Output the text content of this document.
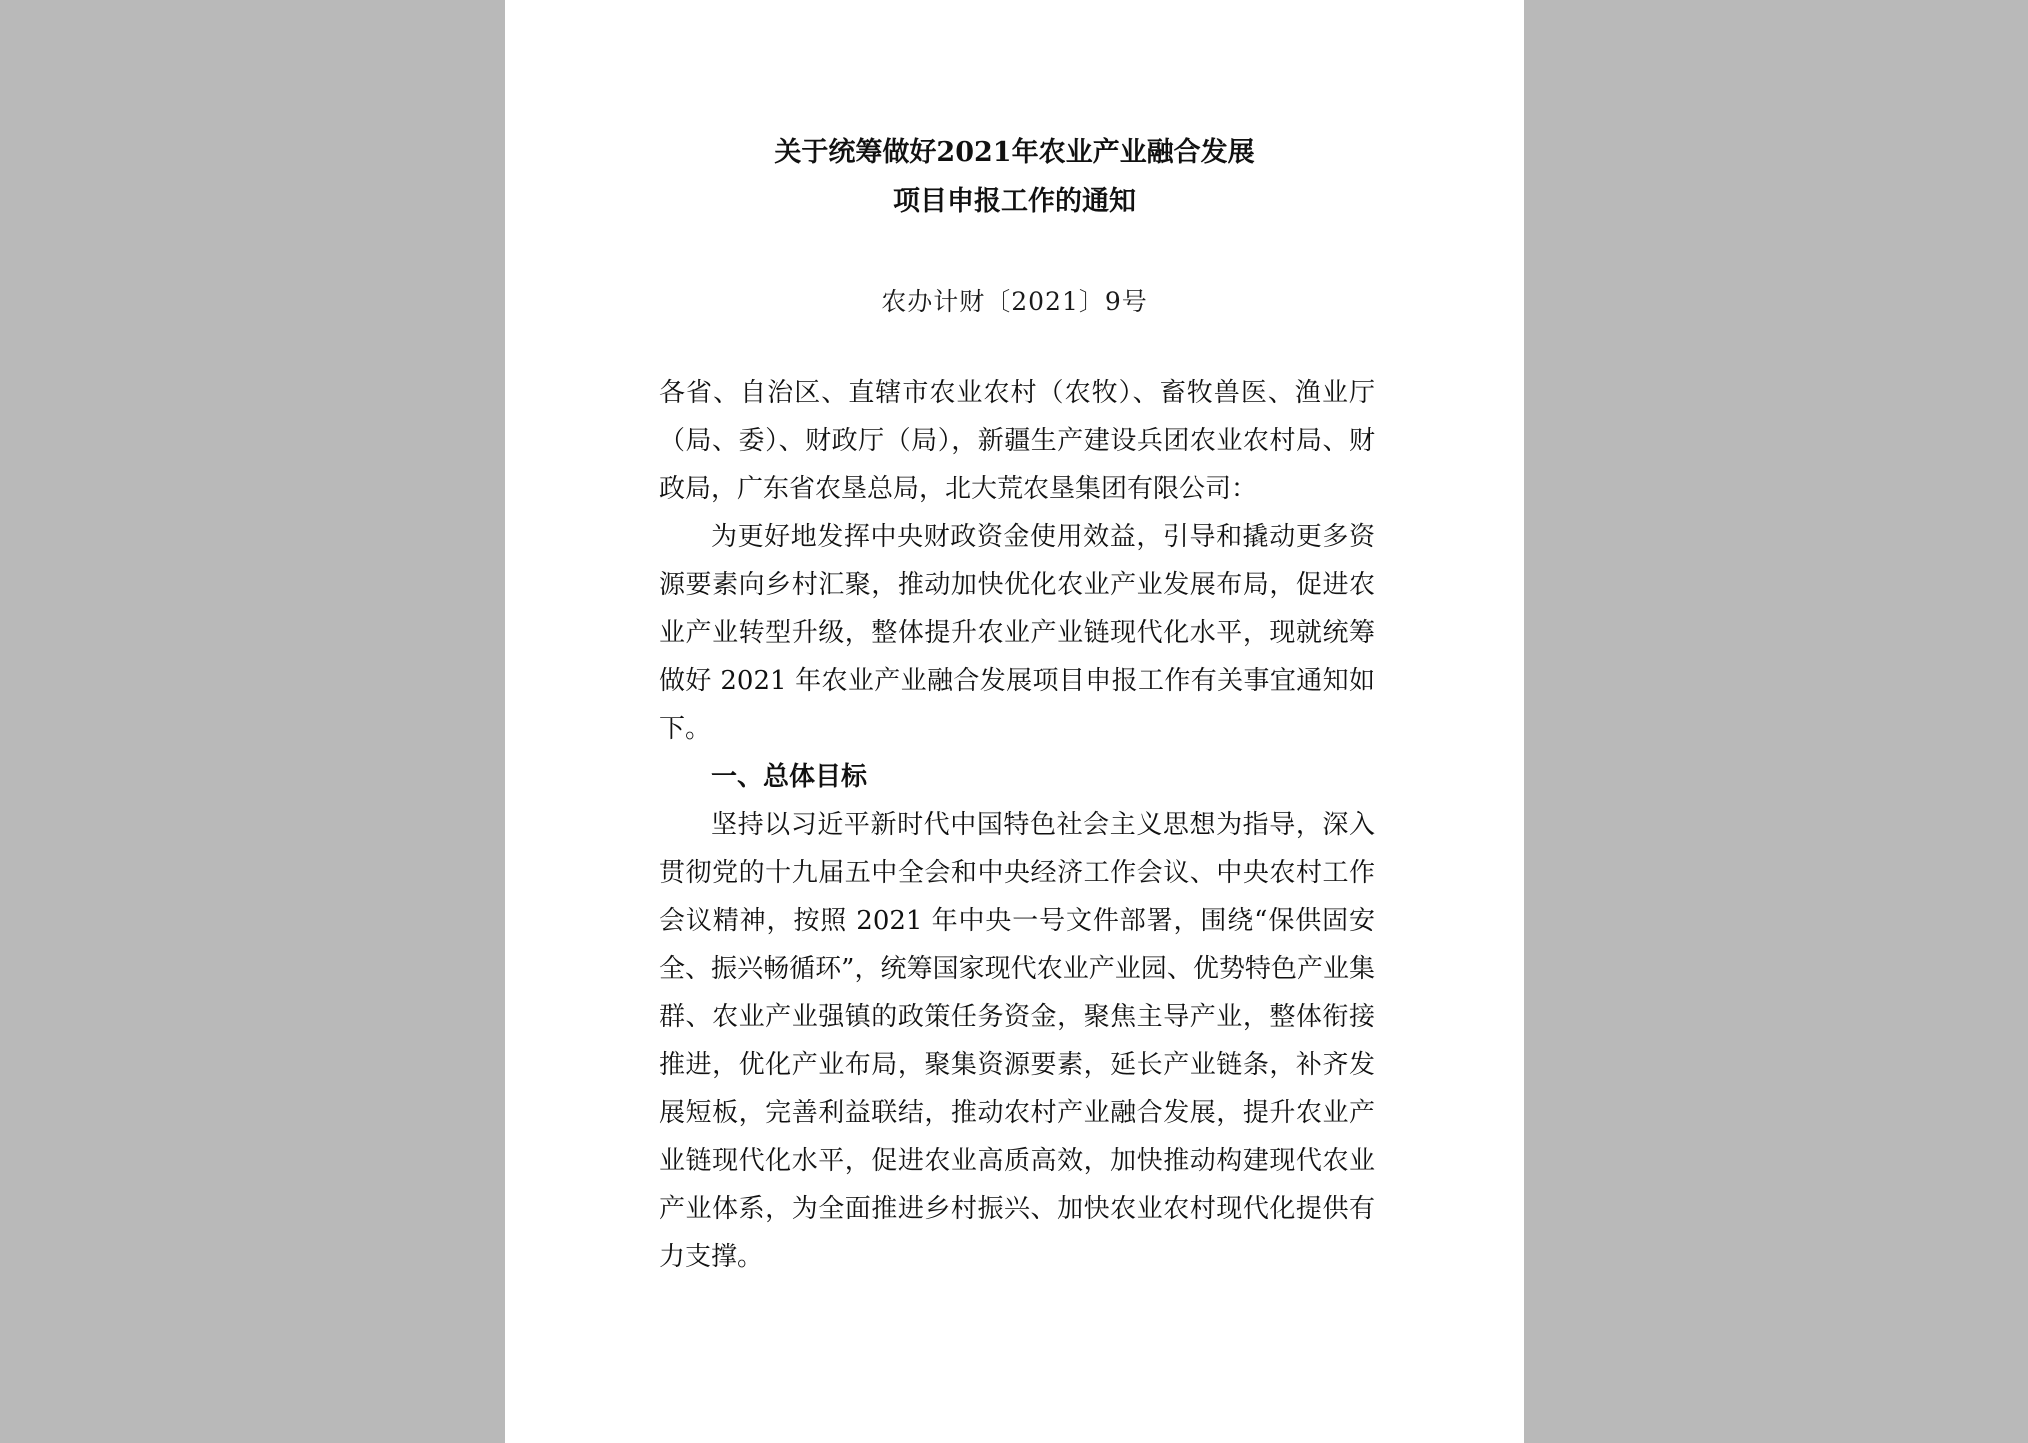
关于统筹做好2021年农业产业融合发展
项目申报工作的通知
农办计财〔2021〕9号

各省、自治区、直辖市农业农村（农牧）、畜牧兽医、渔业厅（局、委）、财政厅（局），新疆生产建设兵团农业农村局、财政局，广东省农垦总局，北大荒农垦集团有限公司：

为更好地发挥中央财政资金使用效益，引导和撬动更多资源要素向乡村汇聚，推动加快优化农业产业发展布局，促进农业产业转型升级，整体提升农业产业链现代化水平，现就统筹做好 2021 年农业产业融合发展项目申报工作有关事宜通知如下。

一、总体目标

坚持以习近平新时代中国特色社会主义思想为指导，深入贯彻党的十九届五中全会和中央经济工作会议、中央农村工作会议精神，按照 2021 年中央一号文件部署，围绕“保供固安全、振兴畅循环”，统筹国家现代农业产业园、优势特色产业集群、农业产业强镇的政策任务资金，聚焦主导产业，整体衔接推进，优化产业布局，聚集资源要素，延长产业链条，补齐发展短板，完善利益联结，推动农村产业融合发展，提升农业产业链现代化水平，促进农业高质高效，加快推动构建现代农业产业体系，为全面推进乡村振兴、加快农业农村现代化提供有力支撑。
